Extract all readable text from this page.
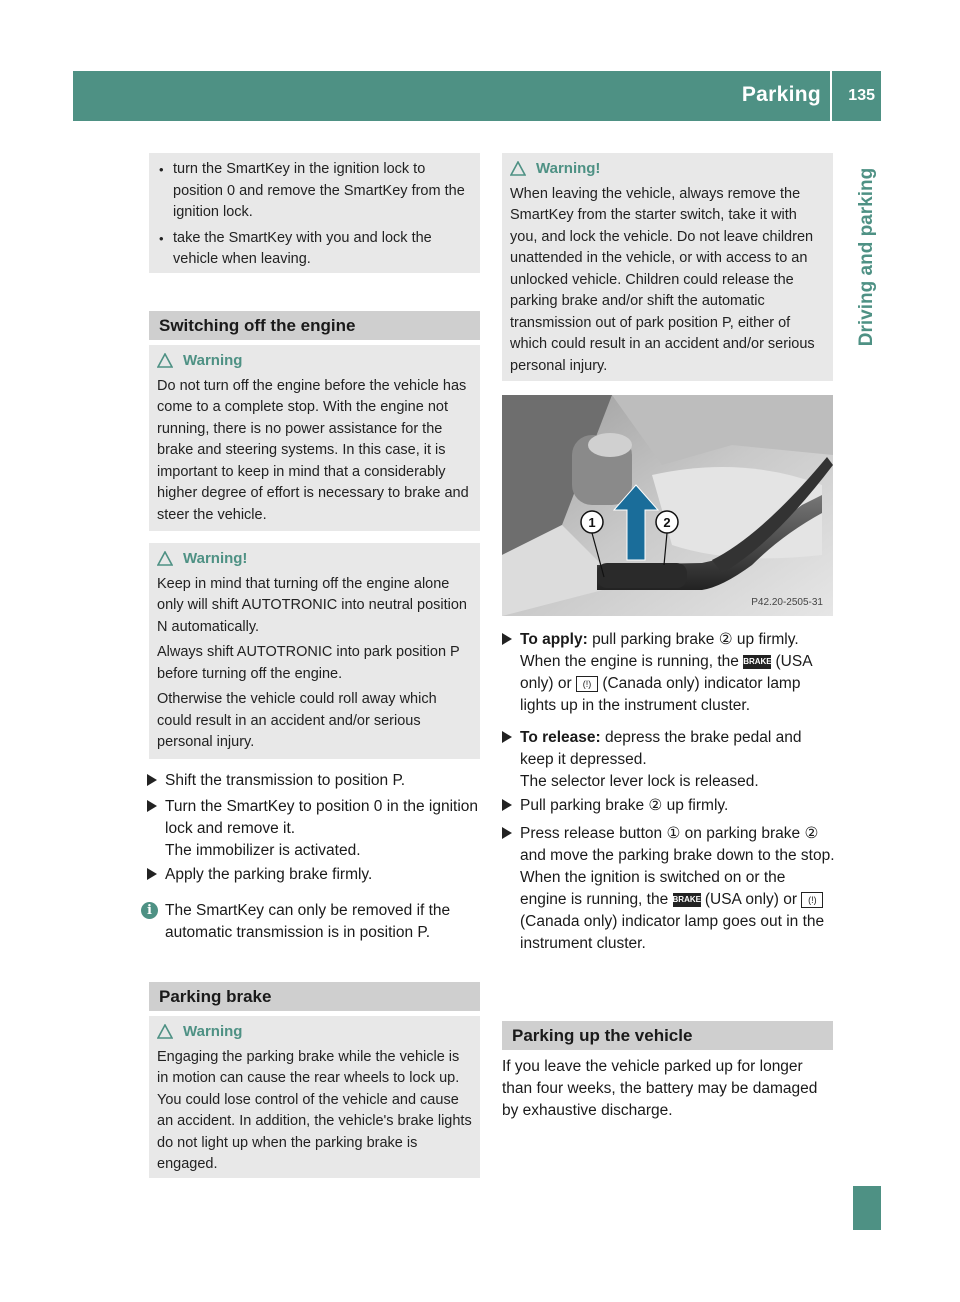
Parking 135
Driving and parking
• turn the SmartKey in the ignition lock to position 0 and remove the SmartKey from the ignition lock.
• take the SmartKey with you and lock the vehicle when leaving.
Switching off the engine
Warning

Do not turn off the engine before the vehicle has come to a complete stop. With the engine not running, there is no power assistance for the brake and steering systems. In this case, it is important to keep in mind that a considerably higher degree of effort is necessary to brake and steer the vehicle.

Warning!

Keep in mind that turning off the engine alone only will shift AUTOTRONIC into neutral position N automatically.

Always shift AUTOTRONIC into park position P before turning off the engine.

Otherwise the vehicle could roll away which could result in an accident and/or serious personal injury.

Shift the transmission to position P.
Turn the SmartKey to position 0 in the ignition lock and remove it.
The immobilizer is activated.
Apply the parking brake firmly.
i The SmartKey can only be removed if the automatic transmission is in position P.
Parking brake
Warning

Engaging the parking brake while the vehicle is in motion can cause the rear wheels to lock up. You could lose control of the vehicle and cause an accident. In addition, the vehicle's brake lights do not light up when the parking brake is engaged.

Warning!

When leaving the vehicle, always remove the SmartKey from the starter switch, take it with you, and lock the vehicle. Do not leave children unattended in the vehicle, or with access to an unlocked vehicle. Children could release the parking brake and/or shift the automatic transmission out of park position P, either of which could result in an accident and/or serious personal injury.

1	2
P42.20-2505-31
To apply: pull parking brake ② up firmly.
When the engine is running, the BRAKE (USA only) or (!) (Canada only) indicator lamp lights up in the instrument cluster.
To release: depress the brake pedal and keep it depressed.
The selector lever lock is released.
Pull parking brake ② up firmly.
Press release button ① on parking brake ② and move the parking brake down to the stop.
When the ignition is switched on or the engine is running, the BRAKE (USA only) or (!) (Canada only) indicator lamp goes out in the instrument cluster.
Parking up the vehicle
If you leave the vehicle parked up for longer than four weeks, the battery may be damaged by exhaustive discharge.
